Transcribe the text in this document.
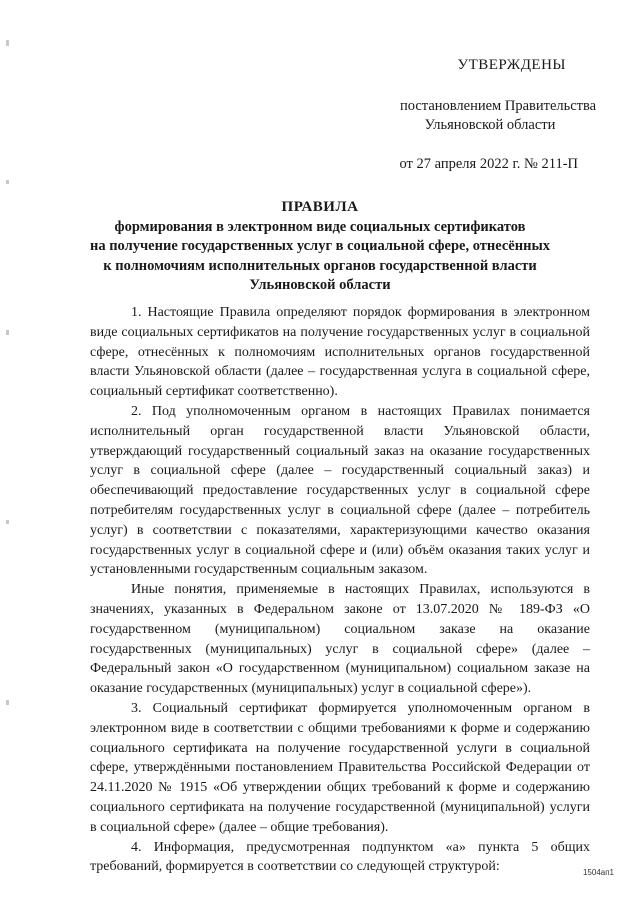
УТВЕРЖДЕНЫ
постановлением Правительства
Ульяновской области
от 27 апреля 2022 г. № 211-П
ПРАВИЛА
формирования в электронном виде социальных сертификатов
на получение государственных услуг в социальной сфере, отнесённых
к полномочиям исполнительных органов государственной власти
Ульяновской области

1. Настоящие Правила определяют порядок формирования в электронном виде социальных сертификатов на получение государственных услуг в социальной сфере, отнесённых к полномочиям исполнительных органов государственной власти Ульяновской области (далее – государственная услуга в социальной сфере, социальный сертификат соответственно).

2. Под уполномоченным органом в настоящих Правилах понимается исполнительный орган государственной власти Ульяновской области, утверждающий государственный социальный заказ на оказание государственных услуг в социальной сфере (далее – государственный социальный заказ) и обеспечивающий предоставление государственных услуг в социальной сфере потребителям государственных услуг в социальной сфере (далее – потребитель услуг) в соответствии с показателями, характеризующими качество оказания государственных услуг в социальной сфере и (или) объём оказания таких услуг и установленными государственным социальным заказом.

Иные понятия, применяемые в настоящих Правилах, используются в значениях, указанных в Федеральном законе от 13.07.2020 № 189-ФЗ «О государственном (муниципальном) социальном заказе на оказание государственных (муниципальных) услуг в социальной сфере» (далее – Федеральный закон «О государственном (муниципальном) социальном заказе на оказание государственных (муниципальных) услуг в социальной сфере»).

3. Социальный сертификат формируется уполномоченным органом в электронном виде в соответствии с общими требованиями к форме и содержанию социального сертификата на получение государственной услуги в социальной сфере, утверждёнными постановлением Правительства Российской Федерации от 24.11.2020 № 1915 «Об утверждении общих требований к форме и содержанию социального сертификата на получение государственной (муниципальной) услуги в социальной сфере» (далее – общие требования).

4. Информация, предусмотренная подпунктом «а» пункта 5 общих требований, формируется в соответствии со следующей структурой:	1504ап1
